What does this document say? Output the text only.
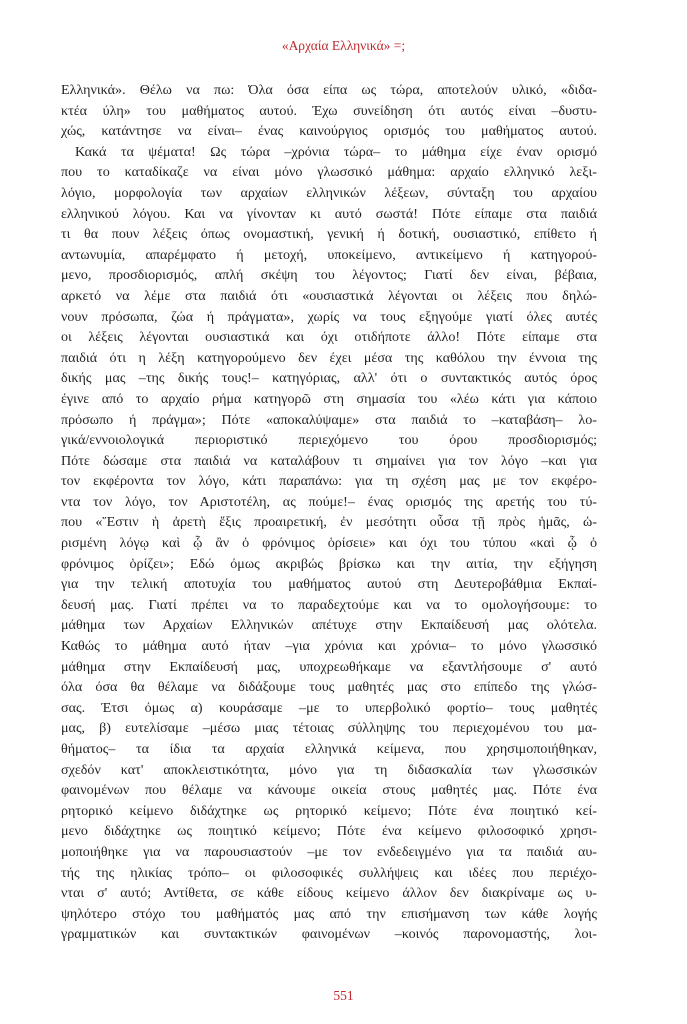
«Αρχαία Ελληνικά» =;
Ελληνικά». Θέλω να πω: Όλα όσα είπα ως τώρα, αποτελούν υλικό, «διδα-
κτέα ύλη» του μαθήματος αυτού. Έχω συνείδηση ότι αυτός είναι –δυστυ-
χώς, κατάντησε να είναι– ένας καινούργιος ορισμός του μαθήματος αυτού.
Κακά τα ψέματα! Ως τώρα –χρόνια τώρα– το μάθημα είχε έναν ορισμό
που το καταδίκαζε να είναι μόνο γλωσσικό μάθημα: αρχαίο ελληνικό λεξι-
λόγιο, μορφολογία των αρχαίων ελληνικών λέξεων, σύνταξη του αρχαίου
ελληνικού λόγου. Και να γίνονταν κι αυτό σωστά! Πότε είπαμε στα παιδιά
τι θα πουν λέξεις όπως ονομαστική, γενική ή δοτική, ουσιαστικό, επίθετο ή
αντωνυμία, απαρέμφατο ή μετοχή, υποκείμενο, αντικείμενο ή κατηγορού-
μενο, προσδιορισμός, απλή σκέψη του λέγοντος; Γιατί δεν είναι, βέβαια,
αρκετό να λέμε στα παιδιά ότι «ουσιαστικά λέγονται οι λέξεις που δηλώ-
νουν πρόσωπα, ζώα ή πράγματα», χωρίς να τους εξηγούμε γιατί όλες αυτές
οι λέξεις λέγονται ουσιαστικά και όχι οτιδήποτε άλλο! Πότε είπαμε στα
παιδιά ότι η λέξη κατηγορούμενο δεν έχει μέσα της καθόλου την έννοια της
δικής μας –της δικής τους!– κατηγόριας, αλλ' ότι ο συντακτικός αυτός όρος
έγινε από το αρχαίο ρήμα κατηγορῶ στη σημασία του «λέω κάτι για κάποιο
πρόσωπο ή πράγμα»; Πότε «αποκαλύψαμε» στα παιδιά το –καταβάση– λο-
γικά/εννοιολογικά περιοριστικό περιεχόμενο του όρου προσδιορισμός;
Πότε δώσαμε στα παιδιά να καταλάβουν τι σημαίνει για τον λόγο –και για
τον εκφέροντα τον λόγο, κάτι παραπάνω: για τη σχέση μας με τον εκφέρο-
ντα τον λόγο, τον Αριστοτέλη, ας πούμε!– ένας ορισμός της αρετής του τύ-
που «Ἔστιν ἡ ἀρετὴ ἕξις προαιρετική, ἐν μεσότητι οὖσα τῇ πρὸς ἡμᾶς, ὡ-
ρισμένη λόγῳ καὶ ᾧ ἂν ὁ φρόνιμος ὁρίσειε» και όχι του τύπου «καὶ ᾧ ὁ
φρόνιμος ὁρίζει»; Εδώ όμως ακριβώς βρίσκω και την αιτία, την εξήγηση
για την τελική αποτυχία του μαθήματος αυτού στη Δευτεροβάθμια Εκπαί-
δευσή μας. Γιατί πρέπει να το παραδεχτούμε και να το ομολογήσουμε: το
μάθημα των Αρχαίων Ελληνικών απέτυχε στην Εκπαίδευσή μας ολότελα.
Καθώς το μάθημα αυτό ήταν –για χρόνια και χρόνια– το μόνο γλωσσικό
μάθημα στην Εκπαίδευσή μας, υποχρεωθήκαμε να εξαντλήσουμε σ' αυτό
όλα όσα θα θέλαμε να διδάξουμε τους μαθητές μας στο επίπεδο της γλώσ-
σας. Έτσι όμως α) κουράσαμε –με το υπερβολικό φορτίο– τους μαθητές
μας, β) ευτελίσαμε –μέσω μιας τέτοιας σύλληψης του περιεχομένου του μα-
θήματος– τα ίδια τα αρχαία ελληνικά κείμενα, που χρησιμοποιήθηκαν,
σχεδόν κατ' αποκλειστικότητα, μόνο για τη διδασκαλία των γλωσσικών
φαινομένων που θέλαμε να κάνουμε οικεία στους μαθητές μας. Πότε ένα
ρητορικό κείμενο διδάχτηκε ως ρητορικό κείμενο; Πότε ένα ποιητικό κεί-
μενο διδάχτηκε ως ποιητικό κείμενο; Πότε ένα κείμενο φιλοσοφικό χρησι-
μοποιήθηκε για να παρουσιαστούν –με τον ενδεδειγμένο για τα παιδιά αυ-
τής της ηλικίας τρόπο– οι φιλοσοφικές συλλήψεις και ιδέες που περιέχο-
νται σ' αυτό; Αντίθετα, σε κάθε είδους κείμενο άλλον δεν διακρίναμε ως υ-
ψηλότερο στόχο του μαθήματός μας από την επισήμανση των κάθε λογής
γραμματικών και συντακτικών φαινομένων –κοινός παρονομαστής, λοι-
551
